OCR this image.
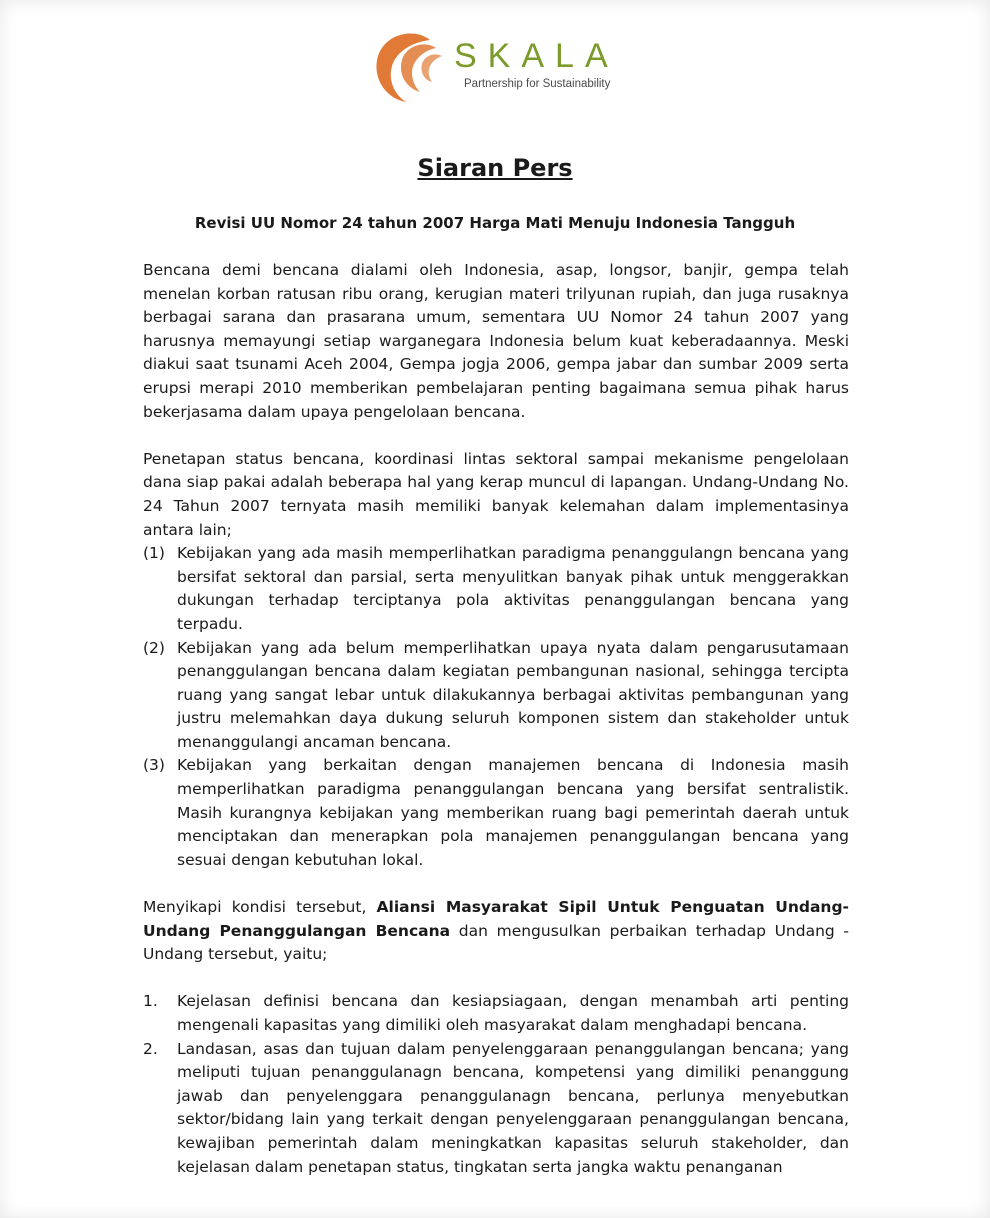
SKALA
Partnership for Sustainability
Siaran Pers
Revisi UU Nomor 24 tahun 2007 Harga Mati Menuju Indonesia Tangguh

Bencana demi bencana dialami oleh Indonesia, asap, longsor, banjir, gempa telah menelan korban ratusan ribu orang, kerugian materi trilyunan rupiah, dan juga rusaknya berbagai sarana dan prasarana umum, sementara UU Nomor 24 tahun 2007 yang harusnya memayungi setiap warganegara Indonesia belum kuat keberadaannya. Meski diakui saat tsunami Aceh 2004, Gempa jogja 2006, gempa jabar dan sumbar 2009 serta erupsi merapi 2010 memberikan pembelajaran penting bagaimana semua pihak harus bekerjasama dalam upaya pengelolaan bencana.

Penetapan status bencana, koordinasi lintas sektoral sampai mekanisme pengelolaan dana siap pakai adalah beberapa hal yang kerap muncul di lapangan. Undang-Undang No. 24 Tahun 2007 ternyata masih memiliki banyak kelemahan dalam implementasinya antara lain;

(1) Kebijakan yang ada masih memperlihatkan paradigma penanggulangn bencana yang bersifat sektoral dan parsial, serta menyulitkan banyak pihak untuk menggerakkan dukungan terhadap terciptanya pola aktivitas penanggulangan bencana yang terpadu.
(2) Kebijakan yang ada belum memperlihatkan upaya nyata dalam pengarusutamaan penanggulangan bencana dalam kegiatan pembangunan nasional, sehingga tercipta ruang yang sangat lebar untuk dilakukannya berbagai aktivitas pembangunan yang justru melemahkan daya dukung seluruh komponen sistem dan stakeholder untuk menanggulangi ancaman bencana.
(3) Kebijakan yang berkaitan dengan manajemen bencana di Indonesia masih memperlihatkan paradigma penanggulangan bencana yang bersifat sentralistik. Masih kurangnya kebijakan yang memberikan ruang bagi pemerintah daerah untuk menciptakan dan menerapkan pola manajemen penanggulangan bencana yang sesuai dengan kebutuhan lokal.

Menyikapi kondisi tersebut, Aliansi Masyarakat Sipil Untuk Penguatan Undang-Undang Penanggulangan Bencana dan mengusulkan perbaikan terhadap Undang - Undang tersebut, yaitu;

1. Kejelasan definisi bencana dan kesiapsiagaan, dengan menambah arti penting mengenali kapasitas yang dimiliki oleh masyarakat dalam menghadapi bencana.
2. Landasan, asas dan tujuan dalam penyelenggaraan penanggulangan bencana; yang meliputi tujuan penanggulanagn bencana, kompetensi yang dimiliki penanggung jawab dan penyelenggara penanggulanagn bencana, perlunya menyebutkan sektor/bidang lain yang terkait dengan penyelenggaraan penanggulangan bencana, kewajiban pemerintah dalam meningkatkan kapasitas seluruh stakeholder, dan kejelasan dalam penetapan status, tingkatan serta jangka waktu penanganan
